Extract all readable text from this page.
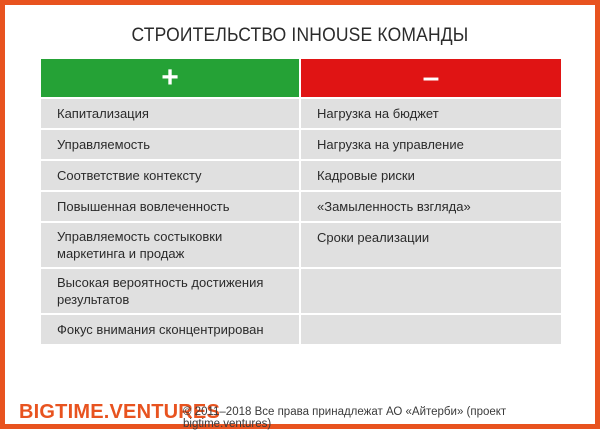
СТРОИТЕЛЬСТВО INHOUSE КОМАНДЫ
+	–
Капитализация
Управляемость
Соответствие контексту
Повышенная вовлеченность
Управляемость состыковки маркетинга и продаж
Высокая вероятность достижения результатов
Фокус внимания сконцентрирован
Нагрузка на бюджет
Нагрузка на управление
Кадровые риски
«Замыленность взгляда»
Сроки реализации
BIGTIME.VENTURES
© 2011–2018 Все права принадлежат АО «Айтерби» (проект bigtime.ventures)
